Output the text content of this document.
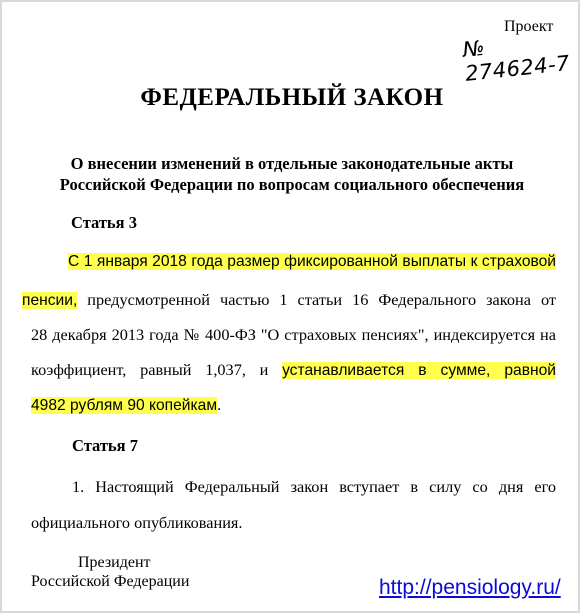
Проект
№ 274624-7
ФЕДЕРАЛЬНЫЙ ЗАКОН
О внесении изменений в отдельные законодательные акты
Российской Федерации по вопросам социального обеспечения
Статья 3
С 1 января 2018 года размер фиксированной выплаты к страховой
пенсии, предусмотренной частью 1 статьи 16 Федерального закона от
28 декабря 2013 года № 400-ФЗ "О страховых пенсиях", индексируется на
коэффициент, равный 1,037, и устанавливается в сумме, равной
4982 рублям 90 копейкам.
Статья 7
1. Настоящий Федеральный закон вступает в силу со дня его
официального опубликования.
Президент
Российской Федерации	http://pensiology.ru/
